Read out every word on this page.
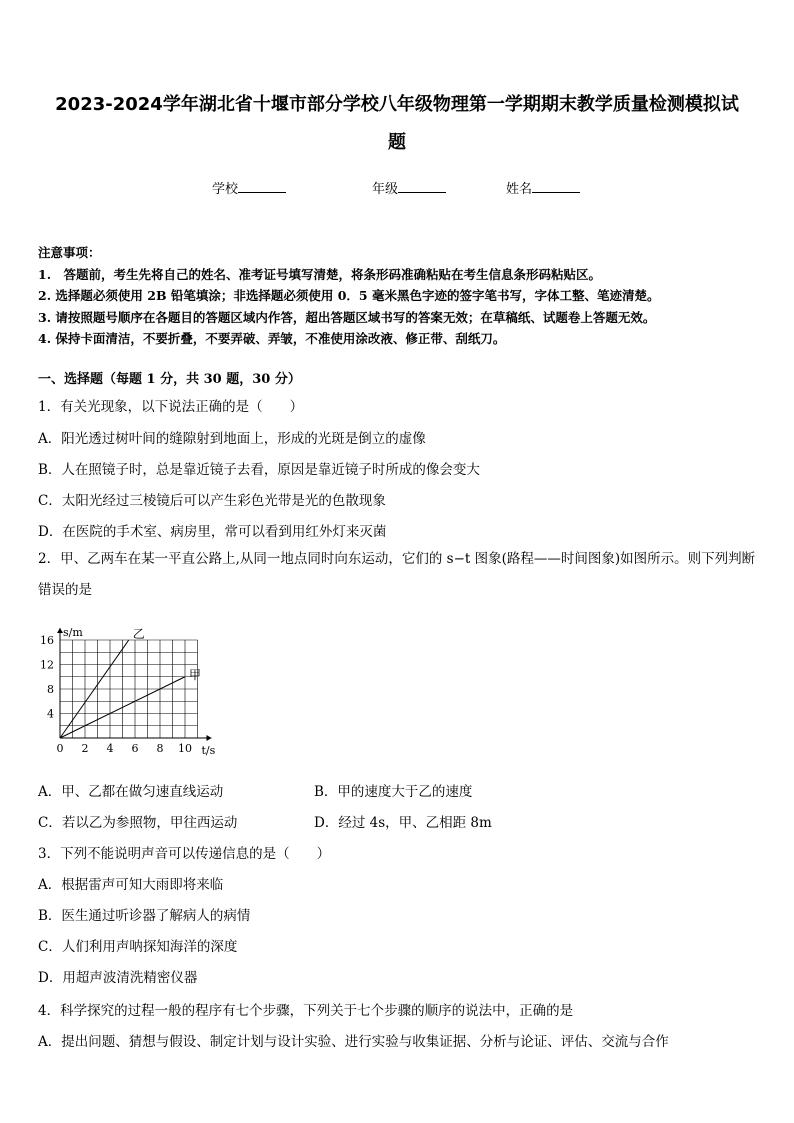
2023-2024学年湖北省十堰市部分学校八年级物理第一学期期末教学质量检测模拟试
题
学校	年级	姓名
注意事项：
1.　答题前，考生先将自己的姓名、准考证号填写清楚，将条形码准确粘贴在考生信息条形码粘贴区。
2. 选择题必须使用 2B 铅笔填涂；非选择题必须使用 0．5 毫米黑色字迹的签字笔书写，字体工整、笔迹清楚。
3. 请按照题号顺序在各题目的答题区域内作答，超出答题区域书写的答案无效；在草稿纸、试题卷上答题无效。
4. 保持卡面清洁，不要折叠，不要弄破、弄皱，不准使用涂改液、修正带、刮纸刀。
一、选择题（每题 1 分，共 30 题，30 分）
1．有关光现象，以下说法正确的是（　　）
A．阳光透过树叶间的缝隙射到地面上，形成的光斑是倒立的虚像
B．人在照镜子时，总是靠近镜子去看，原因是靠近镜子时所成的像会变大
C．太阳光经过三棱镜后可以产生彩色光带是光的色散现象
D．在医院的手术室、病房里，常可以看到用红外灯来灭菌
2．甲、乙两车在某一平直公路上,从同一地点同时向东运动，它们的 s−t 图象(路程——时间图象)如图所示。则下列判断错误的是
0 2 4 6 8 10
4
8
12
16
t/s
s/m	乙
甲
A．甲、乙都在做匀速直线运动	B．甲的速度大于乙的速度
C．若以乙为参照物，甲往西运动	D．经过 4s，甲、乙相距 8m
3．下列不能说明声音可以传递信息的是（　　）
A．根据雷声可知大雨即将来临
B．医生通过听诊器了解病人的病情
C．人们利用声呐探知海洋的深度
D．用超声波清洗精密仪器
4．科学探究的过程一般的程序有七个步骤，下列关于七个步骤的顺序的说法中，正确的是
A．提出问题、猜想与假设、制定计划与设计实验、进行实验与收集证据、分析与论证、评估、交流与合作
